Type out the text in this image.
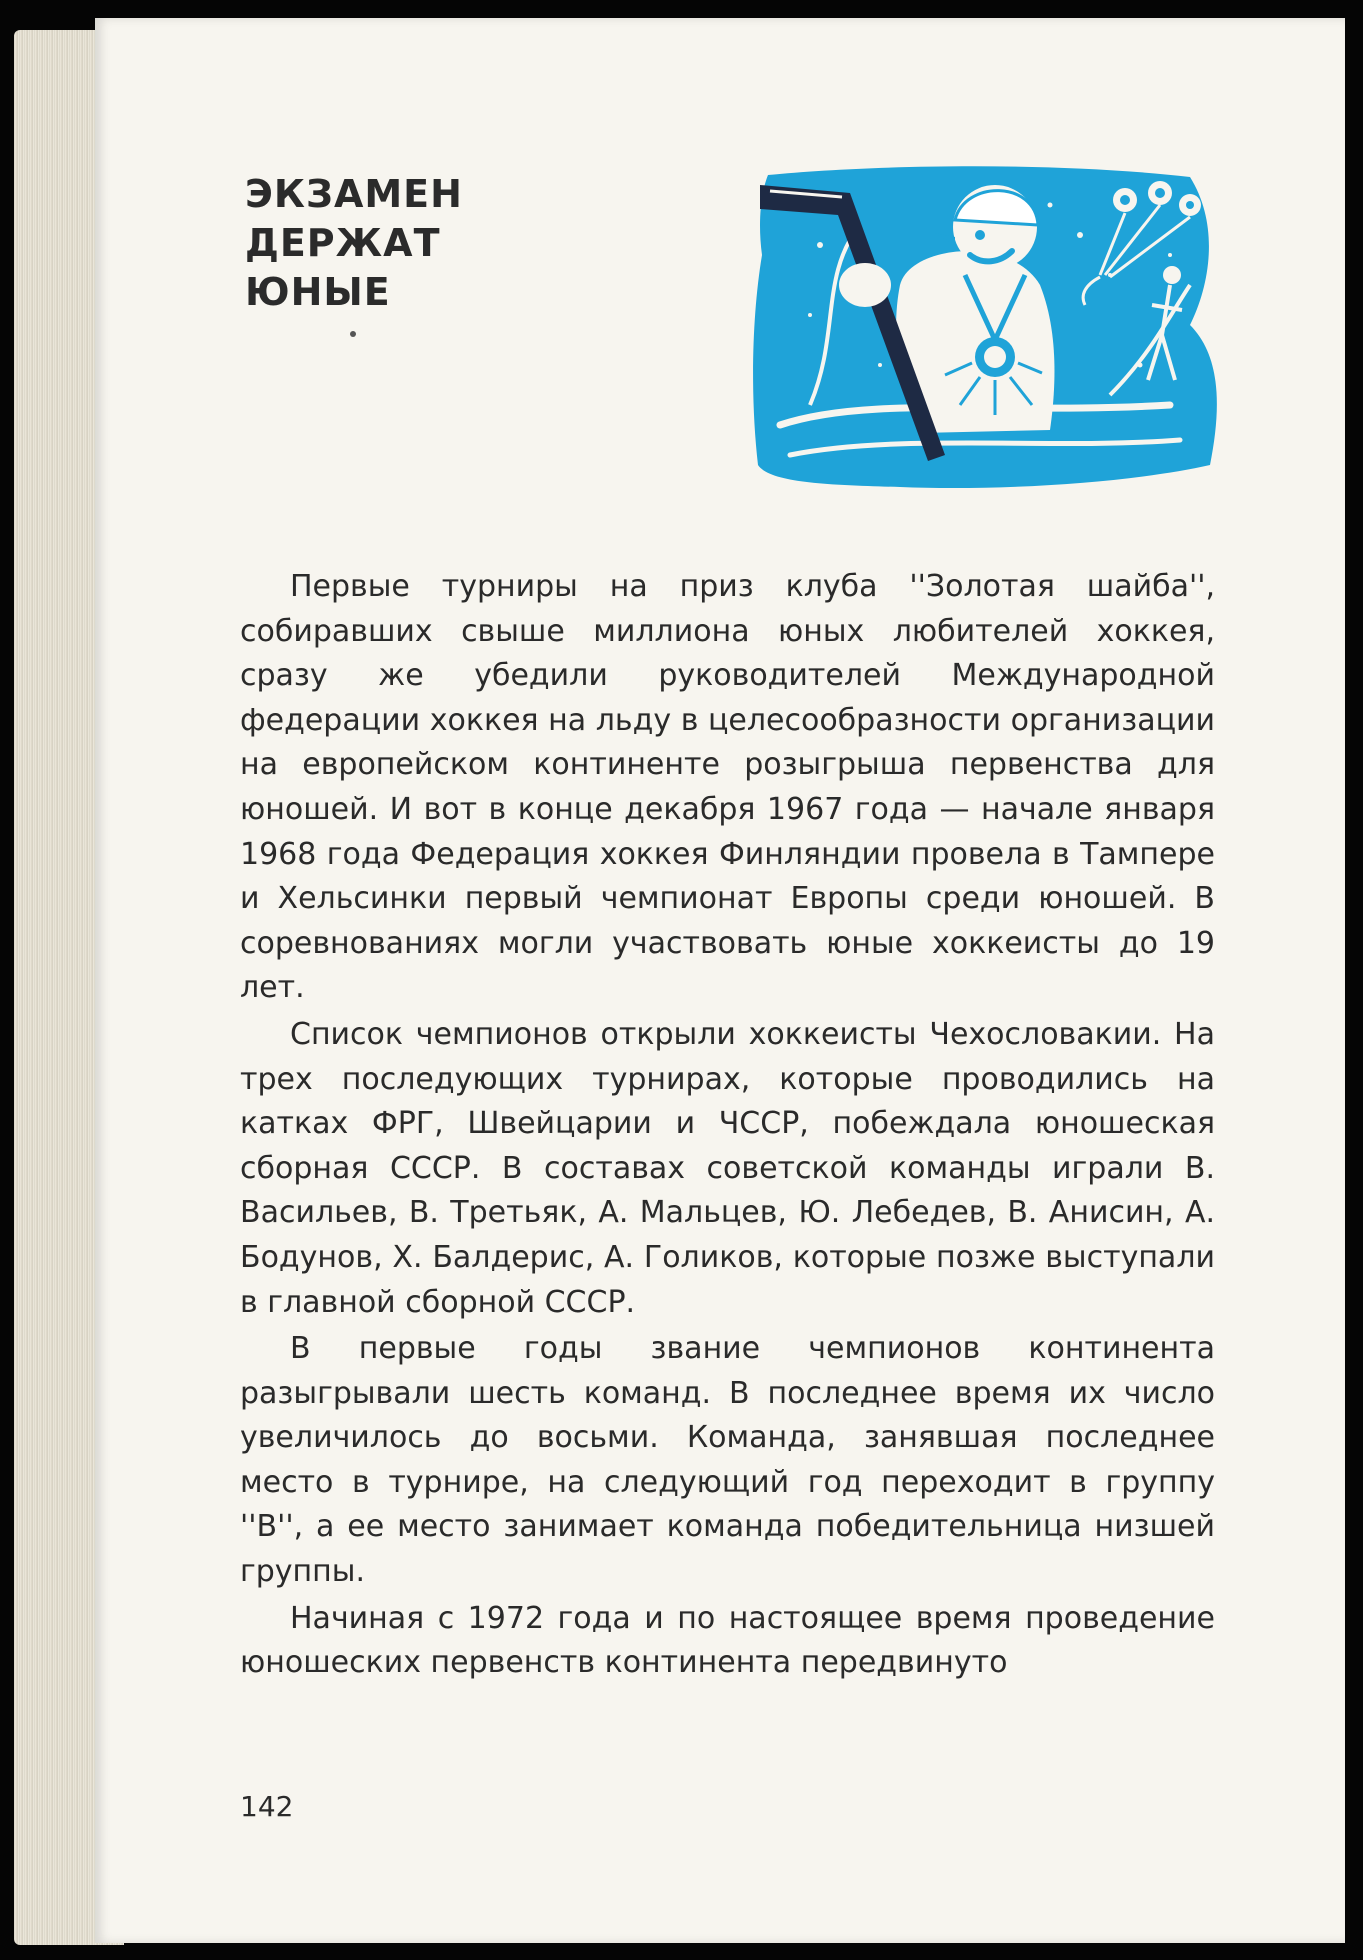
ЭКЗАМЕН
ДЕРЖАТ
ЮНЫЕ

Первые турниры на приз клуба ''Золотая шайба'', собиравших свыше миллиона юных любителей хоккея, сразу же убедили руководителей Международной федерации хоккея на льду в целесообразности организации на европейском континенте розыгрыша первенства для юношей. И вот в конце декабря 1967 года — начале января 1968 года Федерация хоккея Финляндии провела в Тампере и Хельсинки первый чемпионат Европы среди юношей. В соревнованиях могли участвовать юные хоккеисты до 19 лет.

Список чемпионов открыли хоккеисты Чехословакии. На трех последующих турнирах, которые проводились на катках ФРГ, Швейцарии и ЧССР, побеждала юношеская сборная СССР. В составах советской команды играли В. Васильев, В. Третьяк, А. Мальцев, Ю. Лебедев, В. Анисин, А. Бодунов, Х. Балдерис, А. Голиков, которые позже выступали в главной сборной СССР.

В первые годы звание чемпионов континента разыгрывали шесть команд. В последнее время их число увеличилось до восьми. Команда, занявшая последнее место в турнире, на следующий год переходит в группу ''В'', а ее место занимает команда победительница низшей группы.

Начиная с 1972 года и по настоящее время проведение юношеских первенств континента передвинуто

142
